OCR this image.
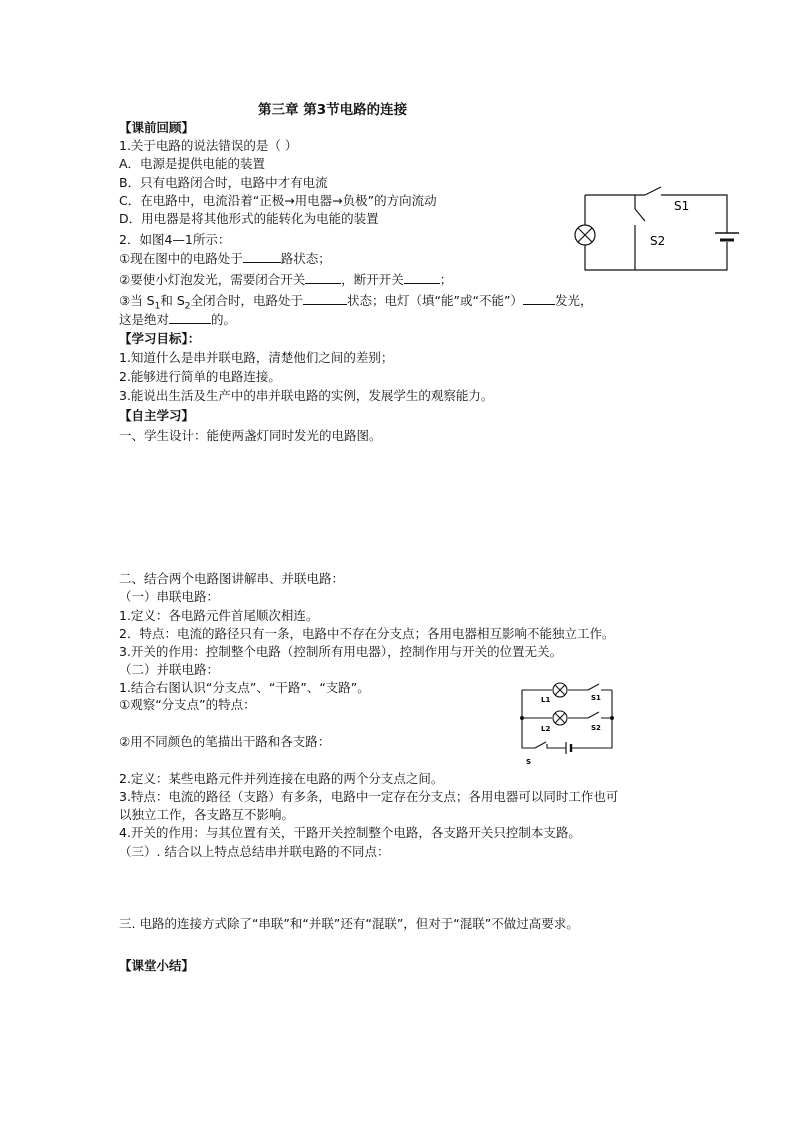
第三章 第3节电路的连接
【课前回顾】
1.关于电路的说法错误的是（ ）
A．电源是提供电能的装置
B．只有电路闭合时，电路中才有电流
C．在电路中，电流沿着“正极→用电器→负极”的方向流动
D．用电器是将其他形式的能转化为电能的装置
2．如图4—1所示：
①现在图中的电路处于	路状态；
②要使小灯泡发光，需要闭合开关	，断开开关	；
③当 $S_1$和 $S_2$全闭合时，电路处于	状态；电灯（填“能”或“不能”）	发光，
这是绝对	的。
【学习目标】：
1.知道什么是串并联电路，清楚他们之间的差别；
2.能够进行简单的电路连接。
3.能说出生活及生产中的串并联电路的实例，发展学生的观察能力。
【自主学习】
一、学生设计：能使两盏灯同时发光的电路图。
二、结合两个电路图讲解串、并联电路：
（一）串联电路：
1.定义：各电路元件首尾顺次相连。
2．特点：电流的路径只有一条，电路中不存在分支点；各用电器相互影响不能独立工作。
3.开关的作用：控制整个电路（控制所有用电器），控制作用与开关的位置无关。
（二）并联电路：
1.结合右图认识“分支点”、“干路”、“支路”。
①观察“分支点”的特点：
②用不同颜色的笔描出干路和各支路：
2.定义：某些电路元件并列连接在电路的两个分支点之间。
3.特点：电流的路径（支路）有多条，电路中一定存在分支点；各用电器可以同时工作也可
以独立工作，各支路互不影响。
4.开关的作用：与其位置有关，干路开关控制整个电路，各支路开关只控制本支路。
（三）. 结合以上特点总结串并联电路的不同点：
三. 电路的连接方式除了“串联”和“并联”还有“混联”，但对于“混联”不做过高要求。
【课堂小结】
S1
S2
L1	S1
L2	S2
S
